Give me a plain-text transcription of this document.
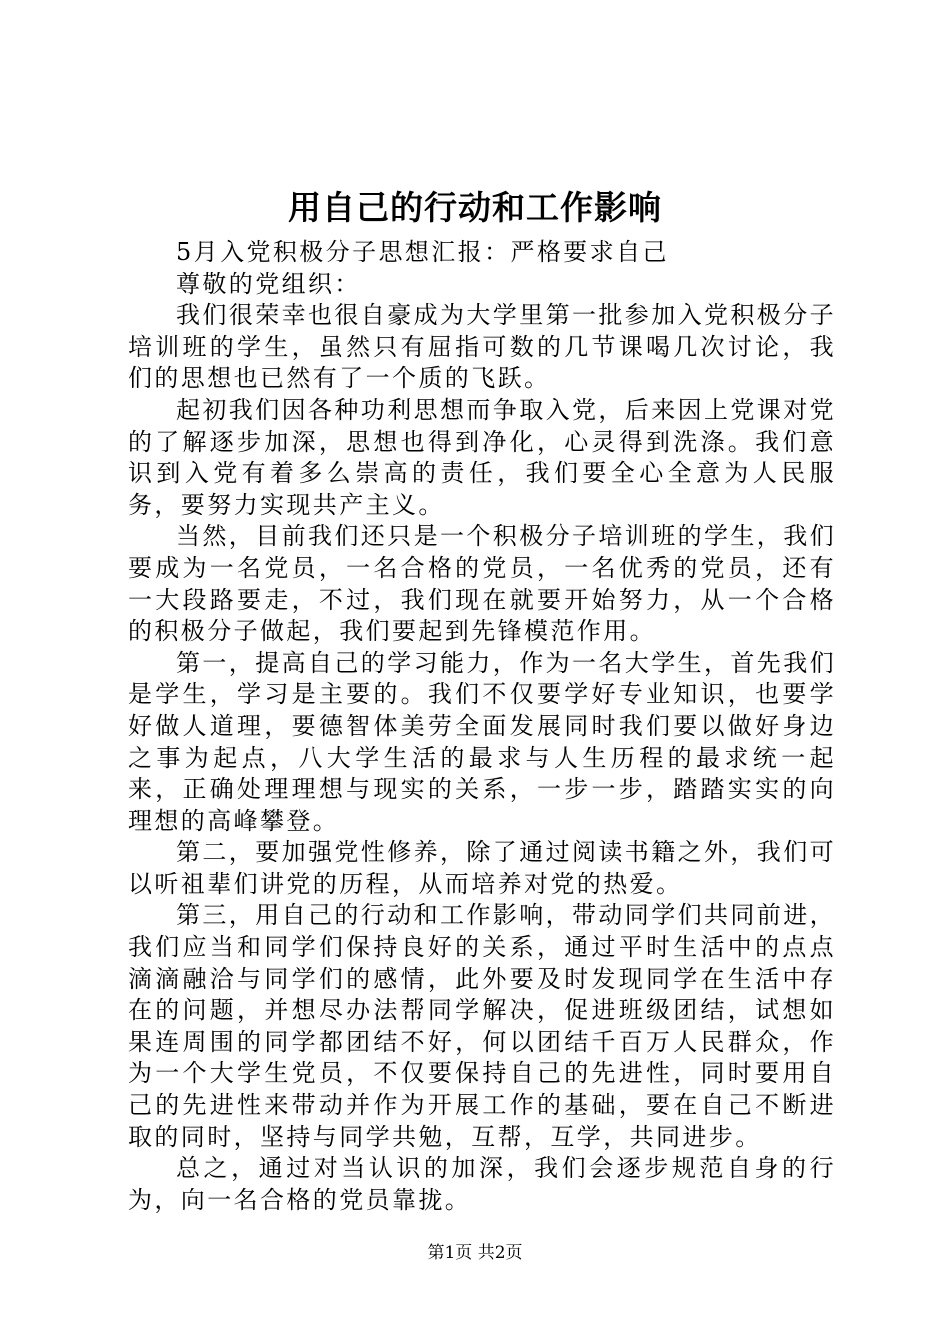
用自己的行动和工作影响

5月入党积极分子思想汇报：严格要求自己

尊敬的党组织：

我们很荣幸也很自豪成为大学里第一批参加入党积极分子培训班的学生，虽然只有屈指可数的几节课喝几次讨论，我们的思想也已然有了一个质的飞跃。

起初我们因各种功利思想而争取入党，后来因上党课对党的了解逐步加深，思想也得到净化，心灵得到洗涤。我们意识到入党有着多么崇高的责任，我们要全心全意为人民服务，要努力实现共产主义。

当然，目前我们还只是一个积极分子培训班的学生，我们要成为一名党员，一名合格的党员，一名优秀的党员，还有一大段路要走，不过，我们现在就要开始努力，从一个合格的积极分子做起，我们要起到先锋模范作用。

第一，提高自己的学习能力，作为一名大学生，首先我们是学生，学习是主要的。我们不仅要学好专业知识，也要学好做人道理，要德智体美劳全面发展同时我们要以做好身边之事为起点，八大学生活的最求与人生历程的最求统一起来，正确处理理想与现实的关系，一步一步，踏踏实实的向理想的高峰攀登。

第二，要加强党性修养，除了通过阅读书籍之外，我们可以听祖辈们讲党的历程，从而培养对党的热爱。

第三，用自己的行动和工作影响，带动同学们共同前进，我们应当和同学们保持良好的关系，通过平时生活中的点点滴滴融洽与同学们的感情，此外要及时发现同学在生活中存在的问题，并想尽办法帮同学解决，促进班级团结，试想如果连周围的同学都团结不好，何以团结千百万人民群众，作为一个大学生党员，不仅要保持自己的先进性，同时要用自己的先进性来带动并作为开展工作的基础，要在自己不断进取的同时，坚持与同学共勉，互帮，互学，共同进步。

总之，通过对当认识的加深，我们会逐步规范自身的行为，向一名合格的党员靠拢。

第1页 共2页
